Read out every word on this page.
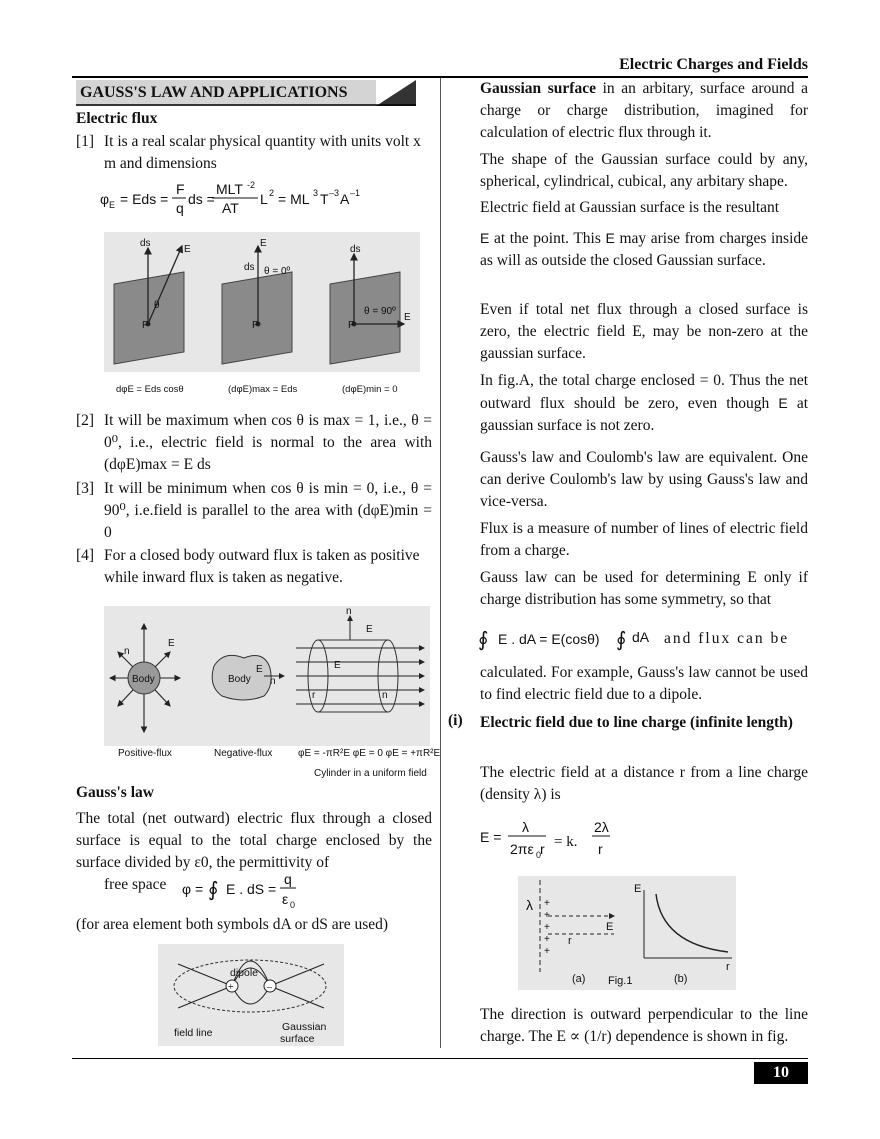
Electric Charges and Fields
GAUSS'S LAW AND APPLICATIONS
Electric flux
[1] It is a real scalar physical quantity with units volt x m and dimensions
φ E = Eds =
F
q
ds =
MLT -2
AT
L 2 = ML 3 T –3 A –1
ds
E
θ
P
E
ds θ = 0º
P
ds
θ = 90º
P
E
dφE = Eds cosθ	(dφE)max = Eds	(dφE)min = 0
[2] It will be maximum when cos θ is max = 1, i.e., θ = 0⁰, i.e., electric field is normal to the area with (dφE)max = E ds
[3] It will be minimum when cos θ is min = 0, i.e., θ = 90⁰, i.e.field is parallel to the area with (dφE)min = 0
[4] For a closed body outward flux is taken as positive while inward flux is taken as negative.
Body
n
E
Body
E
n
n
E
E
r	n
Positive-flux	Negative-flux	φE = -πR²E φE = 0 φE = +πR²E
Cylinder in a uniform field
Gauss's law
The total (net outward) electric flux through a closed surface is equal to the total charge enclosed by the surface divided by ε0, the permittivity of
free space φ = ∮ E . dS =
q
ε 0
(for area element both symbols dA or dS are used)
+	–
dipole
field line	Gaussian
surface
Gaussian surface in an arbitary, surface around a charge or charge distribution, imagined for calculation of electric flux through it.
The shape of the Gaussian surface could by any, spherical, cylindrical, cubical, any arbitary shape.
Electric field at Gaussian surface is the resultant
E at the point. This E may arise from charges inside as will as outside the closed Gaussian surface.
Even if total net flux through a closed surface is zero, the electric field E, may be non-zero at the gaussian surface.
In fig.A, the total charge enclosed = 0. Thus the net outward flux should be zero, even though E at gaussian surface is not zero.
Gauss's law and Coulomb's law are equivalent. One can derive Coulomb's law by using Gauss's law and vice-versa.
Flux is a measure of number of lines of electric field from a charge.
Gauss law can be used for determining E only if charge distribution has some symmetry, so that
∮ E . dA = E(cosθ) ∮ dA and flux can be
calculated. For example, Gauss's law cannot be used to find electric field due to a dipole.
(i) Electric field due to line charge (infinite length)
The electric field at a distance r from a line charge (density λ) is
E =
λ
2πε 0
r = k.
2λ
r
+
+
+
+
+
λ
E
r
E
r
(a) Fig.1	(b)
The direction is outward perpendicular to the line charge. The E ∝ (1/r) dependence is shown in fig.
10
